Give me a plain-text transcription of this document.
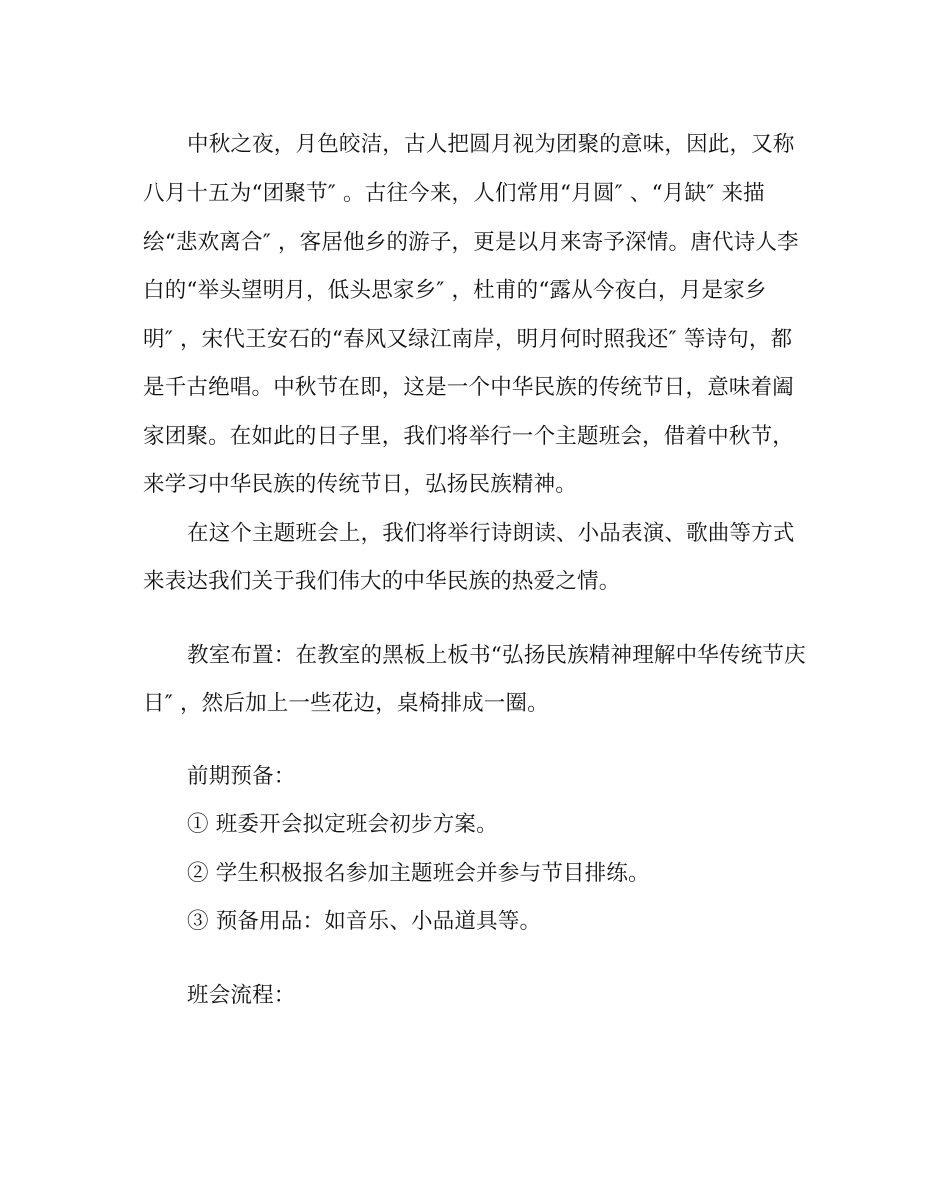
中秋之夜，月色皎洁，古人把圆月视为团聚的意味，因此，又称
八月十五为“团聚节″ 。古往今来，人们常用“月圆″ 、“月缺″ 来描
绘“悲欢离合″ ，客居他乡的游子，更是以月来寄予深情。唐代诗人李
白的“举头望明月，低头思家乡″ ，杜甫的“露从今夜白，月是家乡
明″ ，宋代王安石的“春风又绿江南岸，明月何时照我还″ 等诗句，都
是千古绝唱。中秋节在即，这是一个中华民族的传统节日，意味着阖
家团聚。在如此的日子里，我们将举行一个主题班会，借着中秋节，
来学习中华民族的传统节日，弘扬民族精神。
在这个主题班会上，我们将举行诗朗读、小品表演、歌曲等方式
来表达我们关于我们伟大的中华民族的热爱之情。
教室布置：在教室的黑板上板书“弘扬民族精神理解中华传统节庆
日″ ，然后加上一些花边，桌椅排成一圈。
前期预备：
① 班委开会拟定班会初步方案。
② 学生积极报名参加主题班会并参与节目排练。
③ 预备用品：如音乐、小品道具等。
班会流程：
